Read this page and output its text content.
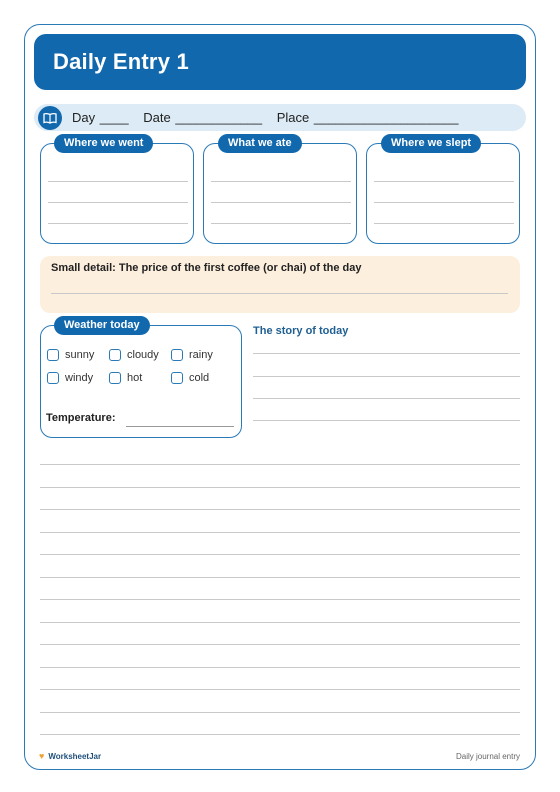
Daily Entry 1
Day ____ Date ____________ Place ____________________
Where we went	What we ate	Where we slept
Small detail: The price of the first coffee (or chai) of the day
Weather today
sunny	cloudy	rainy
windy	hot	cold
Temperature:
The story of today
♥ WorksheetJar	Daily journal entry
